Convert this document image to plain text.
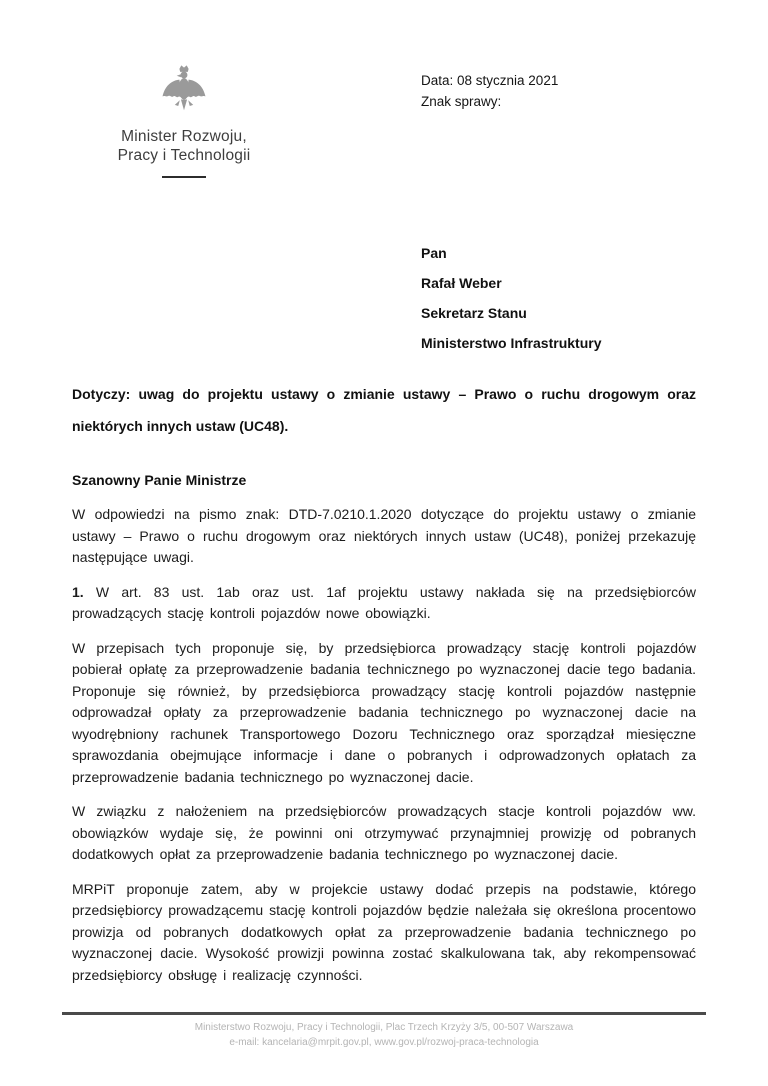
Minister Rozwoju,
Pracy i Technologii
Data: 08 stycznia 2021
Znak sprawy:
Pan
Rafał Weber
Sekretarz Stanu
Ministerstwo Infrastruktury

Dotyczy: uwag do projektu ustawy o zmianie ustawy – Prawo o ruchu drogowym oraz niektórych innych ustaw (UC48).

Szanowny Panie Ministrze

W odpowiedzi na pismo znak: DTD-7.0210.1.2020 dotyczące do projektu ustawy o zmianie ustawy – Prawo o ruchu drogowym oraz niektórych innych ustaw (UC48), poniżej przekazuję następujące uwagi.

1. W art. 83 ust. 1ab oraz ust. 1af projektu ustawy nakłada się na przedsiębiorców prowadzących stację kontroli pojazdów nowe obowiązki.

W przepisach tych proponuje się, by przedsiębiorca prowadzący stację kontroli pojazdów pobierał opłatę za przeprowadzenie badania technicznego po wyznaczonej dacie tego badania. Proponuje się również, by przedsiębiorca prowadzący stację kontroli pojazdów następnie odprowadzał opłaty za przeprowadzenie badania technicznego po wyznaczonej dacie na wyodrębniony rachunek Transportowego Dozoru Technicznego oraz sporządzał miesięczne sprawozdania obejmujące informacje i dane o pobranych i odprowadzonych opłatach za przeprowadzenie badania technicznego po wyznaczonej dacie.

W związku z nałożeniem na przedsiębiorców prowadzących stacje kontroli pojazdów ww. obowiązków wydaje się, że powinni oni otrzymywać przynajmniej prowizję od pobranych dodatkowych opłat za przeprowadzenie badania technicznego po wyznaczonej dacie.

MRPiT proponuje zatem, aby w projekcie ustawy dodać przepis na podstawie, którego przedsiębiorcy prowadzącemu stację kontroli pojazdów będzie należała się określona procentowo prowizja od pobranych dodatkowych opłat za przeprowadzenie badania technicznego po wyznaczonej dacie. Wysokość prowizji powinna zostać skalkulowana tak, aby rekompensować przedsiębiorcy obsługę i realizację czynności.

Ministerstwo Rozwoju, Pracy i Technologii, Plac Trzech Krzyży 3/5, 00-507 Warszawa
e-mail: kancelaria@mrpit.gov.pl, www.gov.pl/rozwoj-praca-technologia
